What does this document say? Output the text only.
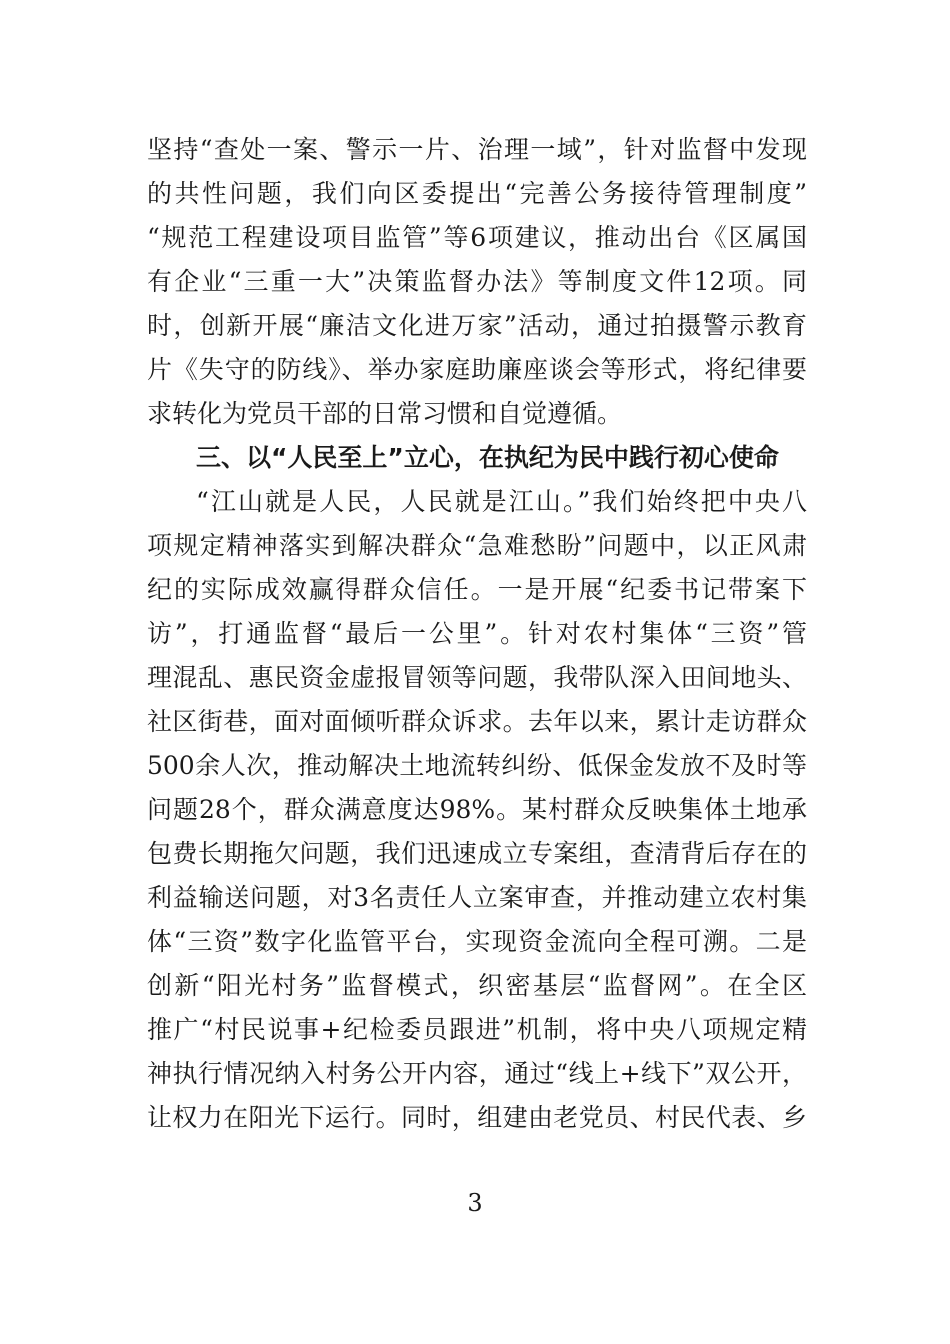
坚持“查处一案、警示一片、治理一域”，针对监督中发现
的共性问题，我们向区委提出“完善公务接待管理制度”
“规范工程建设项目监管”等6项建议，推动出台《区属国
有企业“三重一大”决策监督办法》等制度文件12项。同
时，创新开展“廉洁文化进万家”活动，通过拍摄警示教育
片《失守的防线》、举办家庭助廉座谈会等形式，将纪律要
求转化为党员干部的日常习惯和自觉遵循。
三、以“人民至上”立心，在执纪为民中践行初心使命
“江山就是人民，人民就是江山。”我们始终把中央八
项规定精神落实到解决群众“急难愁盼”问题中，以正风肃
纪的实际成效赢得群众信任。一是开展“纪委书记带案下
访”，打通监督“最后一公里”。针对农村集体“三资”管
理混乱、惠民资金虚报冒领等问题，我带队深入田间地头、
社区街巷，面对面倾听群众诉求。去年以来，累计走访群众
500余人次，推动解决土地流转纠纷、低保金发放不及时等
问题28个，群众满意度达98%。某村群众反映集体土地承
包费长期拖欠问题，我们迅速成立专案组，查清背后存在的
利益输送问题，对3名责任人立案审查，并推动建立农村集
体“三资”数字化监管平台，实现资金流向全程可溯。二是
创新“阳光村务”监督模式，织密基层“监督网”。在全区
推广“村民说事+纪检委员跟进”机制，将中央八项规定精
神执行情况纳入村务公开内容，通过“线上+线下”双公开，
让权力在阳光下运行。同时，组建由老党员、村民代表、乡
3
